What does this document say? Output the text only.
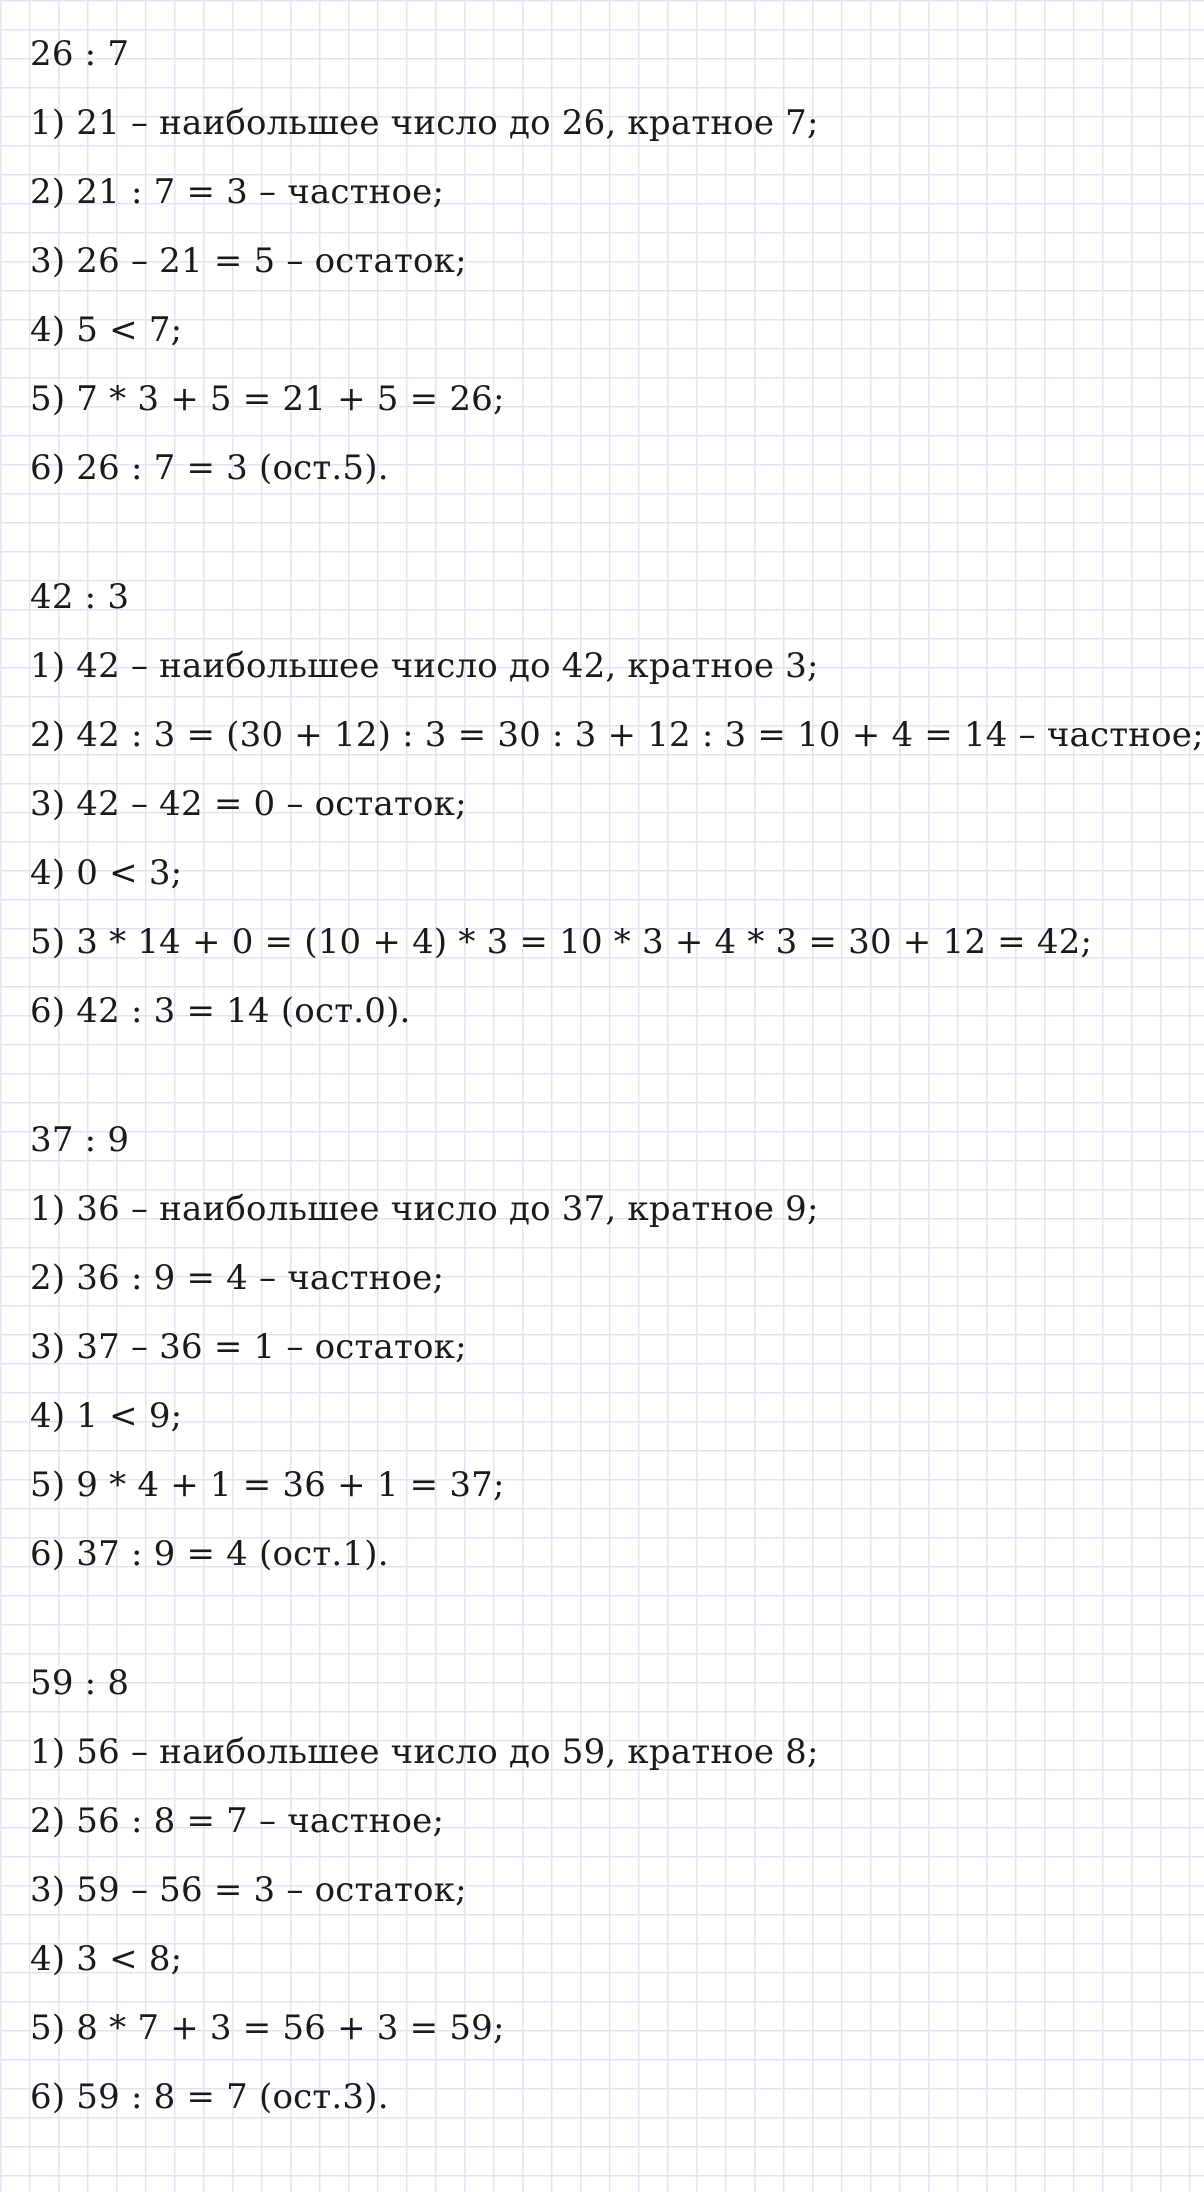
26 : 7
1) 21 – наибольшее число до 26, кратное 7;
2) 21 : 7 = 3 – частное;
3) 26 – 21 = 5 – остаток;
4) 5 < 7;
5) 7 * 3 + 5 = 21 + 5 = 26;
6) 26 : 7 = 3 (ост.5).
42 : 3
1) 42 – наибольшее число до 42, кратное 3;
2) 42 : 3 = (30 + 12) : 3 = 30 : 3 + 12 : 3 = 10 + 4 = 14 – частное;
3) 42 – 42 = 0 – остаток;
4) 0 < 3;
5) 3 * 14 + 0 = (10 + 4) * 3 = 10 * 3 + 4 * 3 = 30 + 12 = 42;
6) 42 : 3 = 14 (ост.0).
37 : 9
1) 36 – наибольшее число до 37, кратное 9;
2) 36 : 9 = 4 – частное;
3) 37 – 36 = 1 – остаток;
4) 1 < 9;
5) 9 * 4 + 1 = 36 + 1 = 37;
6) 37 : 9 = 4 (ост.1).
59 : 8
1) 56 – наибольшее число до 59, кратное 8;
2) 56 : 8 = 7 – частное;
3) 59 – 56 = 3 – остаток;
4) 3 < 8;
5) 8 * 7 + 3 = 56 + 3 = 59;
6) 59 : 8 = 7 (ост.3).
